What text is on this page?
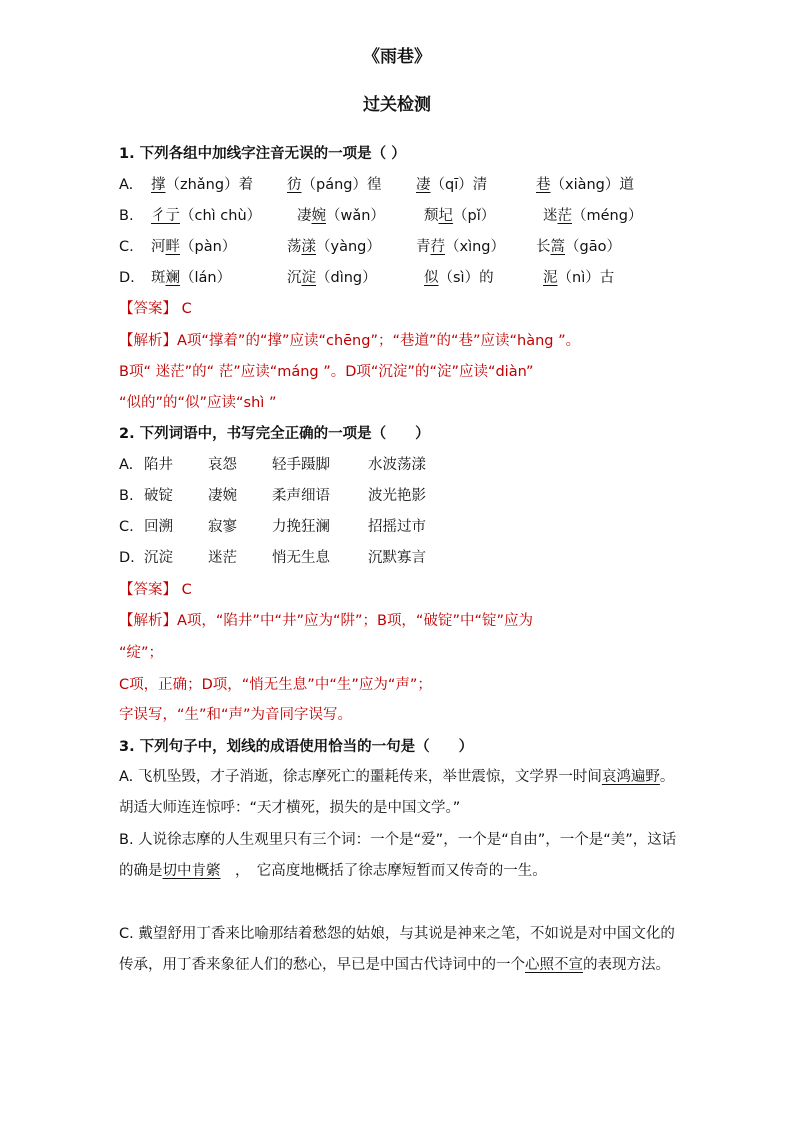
《雨巷》
过关检测
1. 下列各组中加线字注音无误的一项是（ ）
A. 撑（zhǎng）着 彷（páng）徨 凄（qī）清	巷（xiàng）道
B. 彳亍（chì chù） 凄婉（wǎn）	颓圮（pǐ）	迷茫（méng）
C. 河畔（pàn）	荡漾（yàng） 青荇（xìng） 长篙（gāo）
D. 斑斓（lán）	沉淀（dìng）	似（sì）的	泥（nì）古
【答案】 C
【解析】A项“撑着”的“撑”应读“chēng”；“巷道”的“巷”应读“hàng ”。
B项“ 迷茫”的“ 茫”应读“máng ”。D项“沉淀”的“淀”应读“diàn”
“似的”的“似”应读“shì ”
2. 下列词语中，书写完全正确的一项是（　　）
A. 陷井 哀怨 轻手蹑脚	水波荡漾
B. 破锭 凄婉 柔声细语	波光艳影
C. 回溯 寂寥 力挽狂澜	招摇过市
D. 沉淀 迷茫 悄无生息	沉默寡言
【答案】 C
【解析】A项，“陷井”中“井”应为“阱”；B项，“破锭”中“锭”应为
“绽”；
C项，正确；D项，“悄无生息”中“生”应为“声”；
字误写，“生”和“声”为音同字误写。
3. 下列句子中，划线的成语使用恰当的一句是（　　）
A. 飞机坠毁，才子消逝，徐志摩死亡的噩耗传来，举世震惊，文学界一时间哀鸿遍野。胡适大师连连惊呼：“天才横死，损失的是中国文学。”
B. 人说徐志摩的人生观里只有三个词：一个是“爱”，一个是“自由”，一个是“美”，这话的确是切中肯綮　，　它高度地概括了徐志摩短暂而又传奇的一生。
C. 戴望舒用丁香来比喻那结着愁怨的姑娘，与其说是神来之笔，不如说是对中国文化的传承，用丁香来象征人们的愁心，早已是中国古代诗词中的一个心照不宣的表现方法。
